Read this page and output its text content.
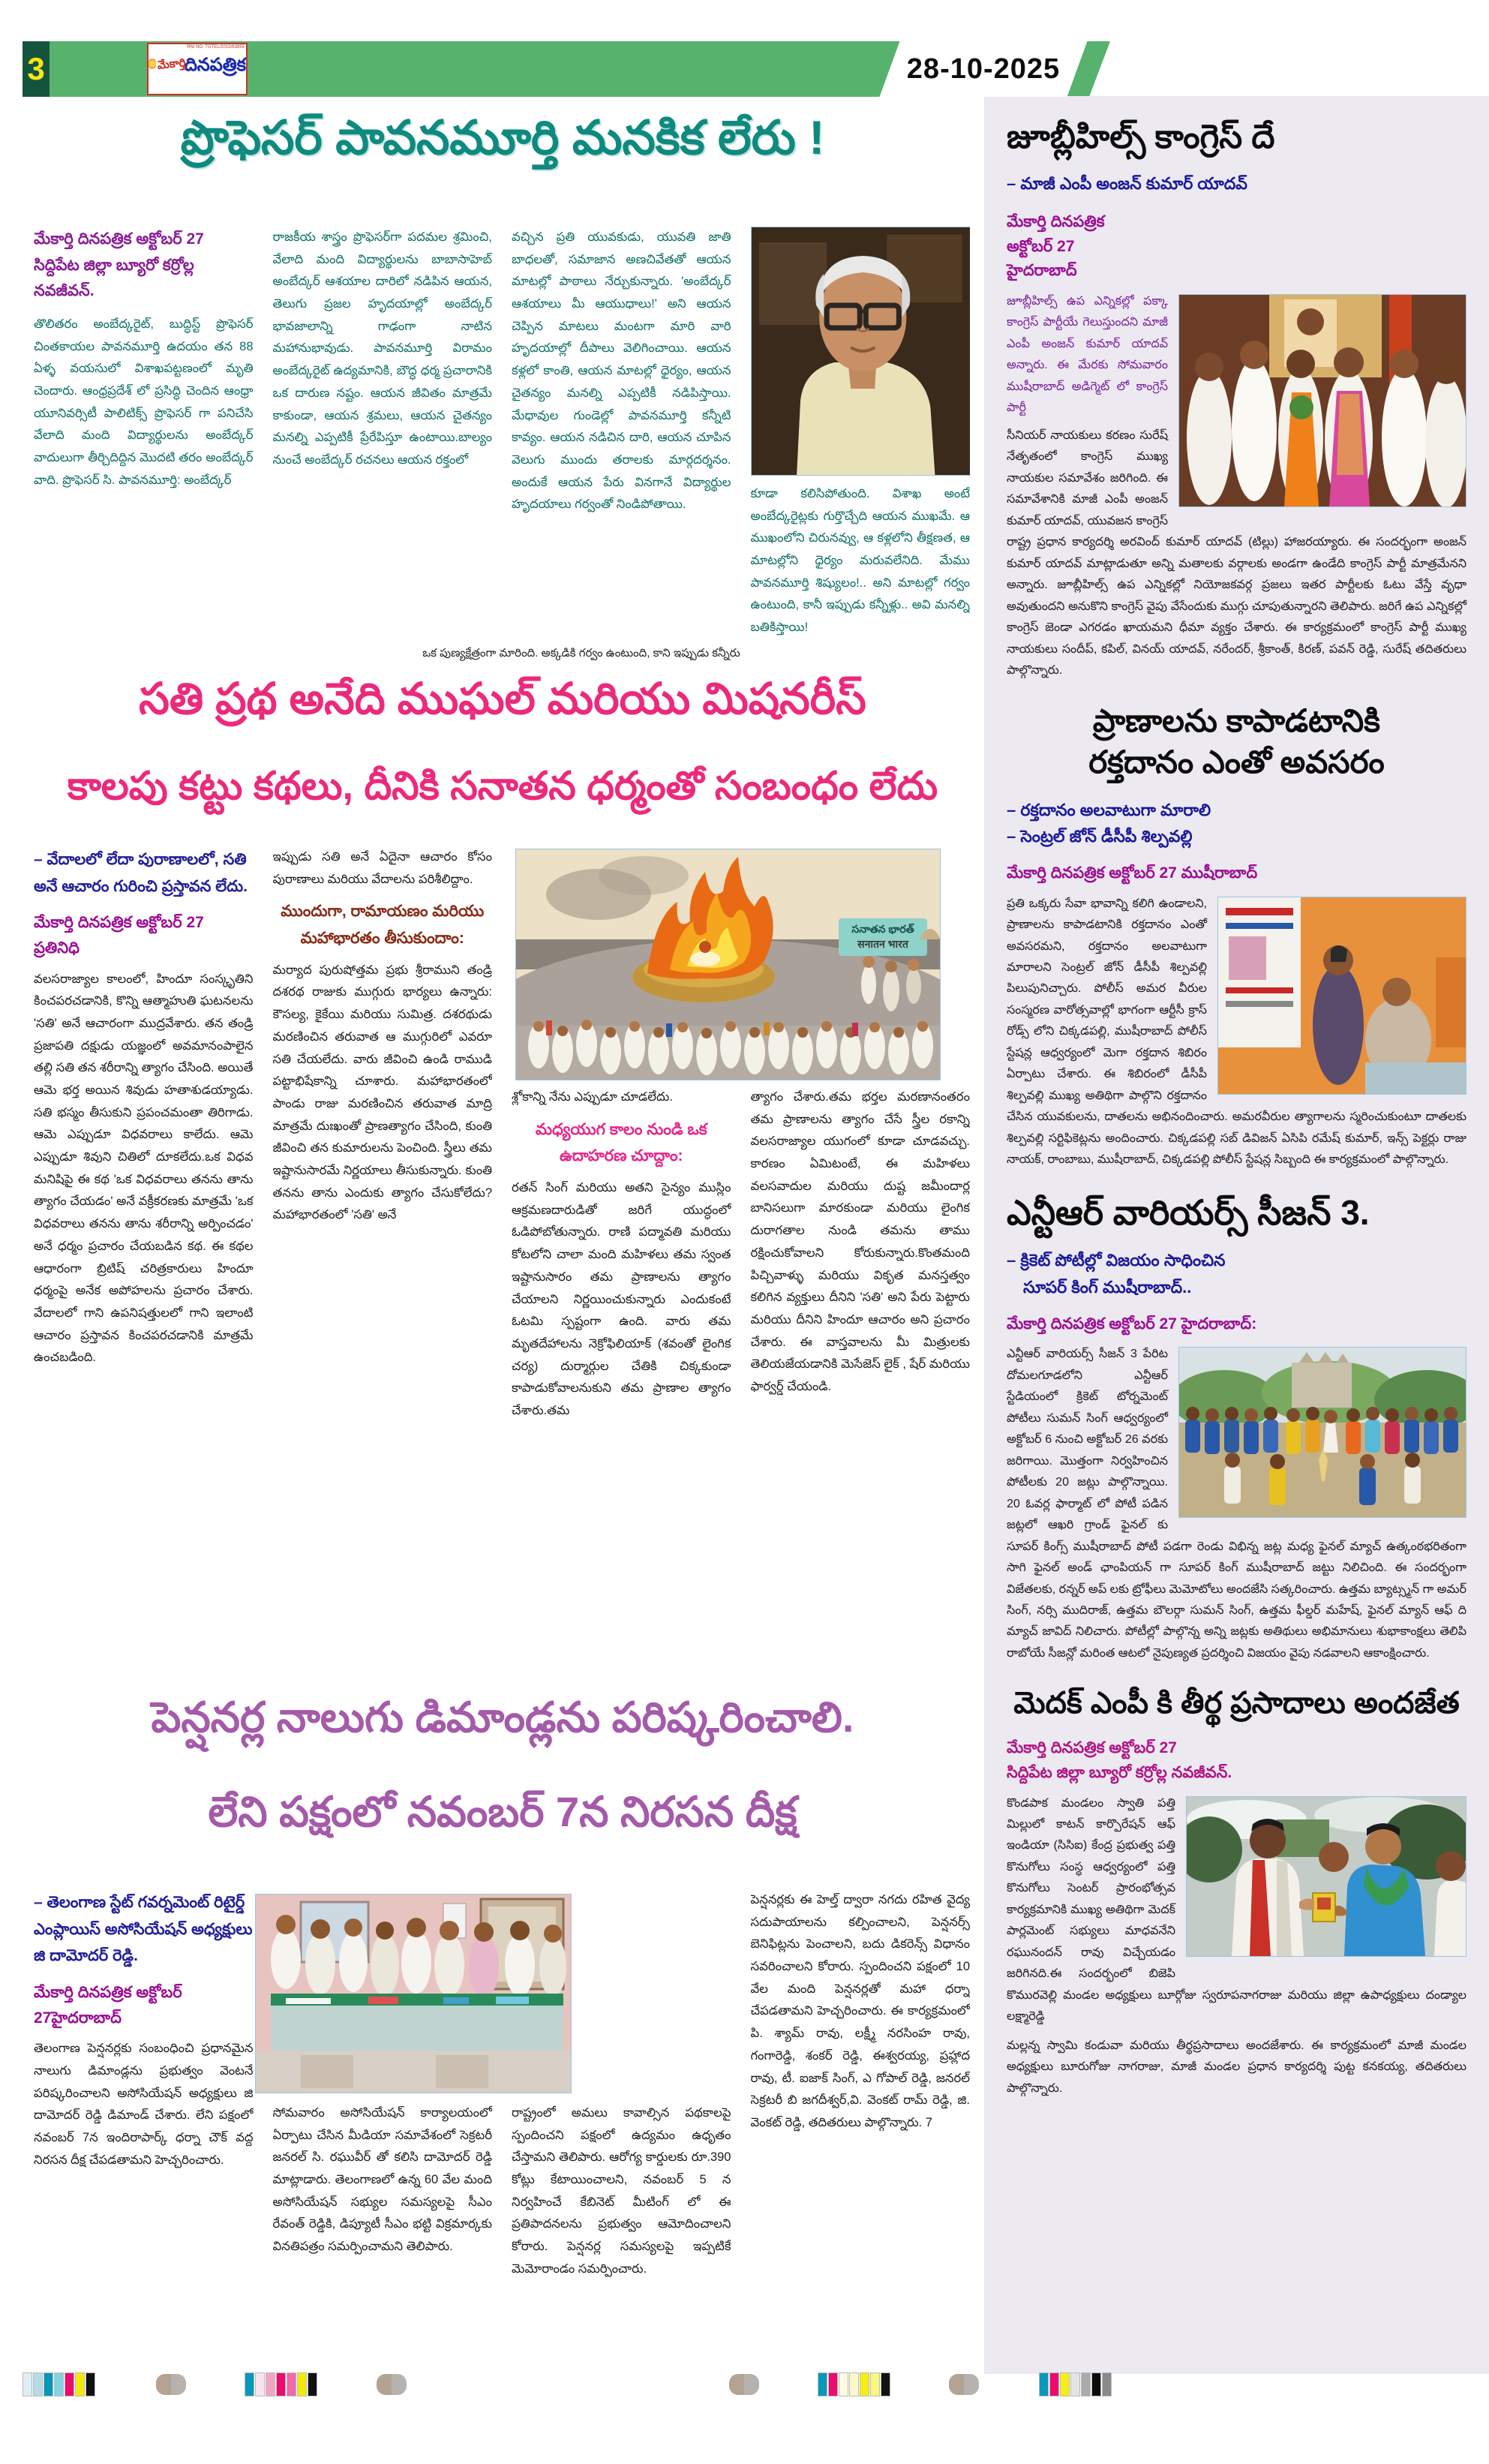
3
RNI NO: TGTEL/2015/63855
మేకార్తి
దినపత్రిక	28-10-2025
ప్రొఫెసర్ పావనమూర్తి మనకిక లేరు !
మేకార్తి దినపత్రిక అక్టోబర్ 27 సిద్దిపేట జిల్లా బ్యూరో కర్రోల్ల నవజీవన్.
తొలితరం అంబేద్కరైట్, బుద్ధిస్ట్ ప్రొఫెసర్ చింతకాయల పావనమూర్తి ఉదయం తన 88 ఏళ్ళ వయసులో విశాఖపట్టణంలో మృతి చెందారు. ఆంధ్రప్రదేశ్ లో ప్రసిద్ధి చెందిన ఆంధ్రా యూనివర్సిటీ పాలిటిక్స్ ప్రొఫెసర్ గా పనిచేసి వేలాది మంది విద్యార్థులను అంబేద్కర్ వాదులుగా తీర్చిదిద్దిన మొదటి తరం అంబేద్కర్ వాది. ప్రొఫెసర్ సి. పావనమూర్తి: అంబేద్కర్
రాజకీయ శాస్త్రం ప్రొఫెసర్‌గా పదమల శ్రమించి, వేలాది మంది విద్యార్థులను బాబాసాహెబ్ అంబేద్కర్ ఆశయాల దారిలో నడిపిన ఆయన, తెలుగు ప్రజల హృదయాల్లో అంబేద్కర్ భావజాలాన్ని గాఢంగా నాటిన మహానుభావుడు. పావనమూర్తి విరామం అంబేద్కరైట్ ఉద్యమానికి, బౌద్ధ ధర్మ ప్రచారానికి ఒక దారుణ నష్టం. ఆయన జీవితం మాత్రమే కాకుండా, ఆయన శ్రమలు, ఆయన చైతన్యం మనల్ని ఎప్పటికీ ప్రేరేపిస్తూ ఉంటాయి.బాల్యం నుంచే అంబేద్కర్ రచనలు ఆయన రక్తంలో
వచ్చిన ప్రతి యువకుడు, యువతి జాతి బాధలతో, సమాజాన అణచివేతతో ఆయన మాటల్లో పాఠాలు నేర్చుకున్నారు. 'అంబేద్కర్ ఆశయాలు మీ ఆయుధాలు!' అని ఆయన చెప్పిన మాటలు మంటగా మారి వారి హృదయాల్లో దీపాలు వెలిగించాయి. ఆయన కళ్లలో కాంతి, ఆయన మాటల్లో ధైర్యం, ఆయన చైతన్యం మనల్ని ఎప్పటికీ నడిపిస్తాయి. మేధావుల గుండెల్లో పావనమూర్తి కన్నీటి కావ్యం. ఆయన నడిచిన దారి, ఆయన చూపిన వెలుగు ముందు తరాలకు మార్గదర్శనం. అందుకే ఆయన పేరు వినగానే విద్యార్థుల హృదయాలు గర్వంతో నిండిపోతాయి.
కూడా కలిసిపోతుంది. విశాఖ అంటే అంబేద్కరైట్లకు గుర్తొచ్చేది ఆయన ముఖమే. ఆ ముఖంలోని చిరునవ్వు, ఆ కళ్లలోని తీక్షణత, ఆ మాటల్లోని ధైర్యం మరువలేనిది. మేము పావనమూర్తి శిష్యులం!.. అని మాటల్లో గర్వం ఉంటుంది, కానీ ఇప్పుడు కన్నీళ్లు.. అవి మనల్ని బతికిస్తాయి!
ఒక పుణ్యక్షేత్రంగా మారింది. అక్కడికి గర్వం ఉంటుంది, కాని ఇప్పుడు కన్నీరు
సతి ప్రథ అనేది ముఘల్ మరియు మిషనరీస్
కాలపు కట్టు కథలు, దీనికి సనాతన ధర్మంతో సంబంధం లేదు
సనాతన భారత్
सनातन भारत
– వేదాలలో లేదా పురాణాలలో, సతి అనే ఆచారం గురించి ప్రస్తావన లేదు.
మేకార్తి దినపత్రిక అక్టోబర్ 27 ప్రతినిధి
వలసరాజ్యాల కాలంలో, హిందూ సంస్కృతిని కించపరచడానికి, కొన్ని ఆత్మాహుతి ఘటనలను 'సతి' అనే ఆచారంగా ముద్రవేశారు. తన తండ్రి ప్రజాపతి దక్షుడు యజ్ఞంలో అవమానంపాలైన తల్లి సతి తన శరీరాన్ని త్యాగం చేసింది. అయితే ఆమె భర్త అయిన శివుడు హతాశుడయ్యాడు. సతి భస్మం తీసుకుని ప్రపంచమంతా తిరిగాడు. ఆమె ఎప్పుడూ విధవరాలు కాలేదు. ఆమె ఎప్పుడూ శివుని చితిలో దూకలేదు.ఒక విధవ మనిషిపై ఈ కథ 'ఒక విధవరాలు తనను తాను త్యాగం చేయడం' అనే వక్రీకరణకు మాత్రమే 'ఒక విధవరాలు తనను తాను శరీరాన్ని అర్పించడం' అనే ధర్మం ప్రచారం చేయబడిన కథ. ఈ కథల ఆధారంగా బ్రిటిష్ చరిత్రకారులు హిందూ ధర్మంపై అనేక అపోహలను ప్రచారం చేశారు. వేదాలలో గాని ఉపనిషత్తులలో గాని ఇలాంటి ఆచారం ప్రస్తావన కించపరచడానికి మాత్రమే ఉంచబడింది.
ఇప్పుడు సతి అనే ఏదైనా ఆచారం కోసం పురాణాలు మరియు వేదాలను పరిశీలిద్దాం.
ముందుగా, రామాయణం మరియు మహాభారతం తీసుకుందాం:
మర్యాద పురుషోత్తమ ప్రభు శ్రీరాముని తండ్రి దశరథ రాజుకు ముగ్గురు భార్యలు ఉన్నారు: కౌసల్య, కైకేయి మరియు సుమిత్ర. దశరథుడు మరణించిన తరువాత ఆ ముగ్గురిలో ఎవరూ సతి చేయలేదు. వారు జీవించి ఉండి రాముడి పట్టాభిషేకాన్ని చూశారు. మహాభారతంలో పాండు రాజు మరణించిన తరువాత మాద్రి మాత్రమే దుఃఖంతో ప్రాణత్యాగం చేసింది, కుంతి జీవించి తన కుమారులను పెంచింది. స్త్రీలు తమ ఇష్టానుసారమే నిర్ణయాలు తీసుకున్నారు. కుంతి తనను తాను ఎందుకు త్యాగం చేసుకోలేదు?మహాభారతంలో 'సతి' అనే
శ్లోకాన్ని నేను ఎప్పుడూ చూడలేదు.
మధ్యయుగ కాలం నుండి ఒక ఉదాహరణ చూద్దాం:
రతన్ సింగ్ మరియు అతని సైన్యం ముస్లిం ఆక్రమణదారుడితో జరిగే యుద్ధంలో ఓడిపోబోతున్నారు. రాణి పద్మావతి మరియు కోటలోని చాలా మంది మహిళలు తమ స్వంత ఇష్టానుసారం తమ ప్రాణాలను త్యాగం చేయాలని నిర్ణయించుకున్నారు ఎందుకంటే ఓటమి స్పష్టంగా ఉంది. వారు తమ మృతదేహాలను నెక్రోఫిలియాక్ (శవంతో లైంగిక చర్య) దుర్మార్గుల చేతికి చిక్కకుండా కాపాడుకోవాలనుకుని తమ ప్రాణాల త్యాగం చేశారు.తమ
త్యాగం చేశారు.తమ భర్తల మరణానంతరం తమ ప్రాణాలను త్యాగం చేసే స్త్రీల రకాన్ని వలసరాజ్యాల యుగంలో కూడా చూడవచ్చు. కారణం ఏమిటంటే, ఈ మహిళలు వలసవాదుల మరియు దుష్ట జమీందార్ల బానిసలుగా మారకుండా మరియు లైంగిక దురాగతాల నుండి తమను తాము రక్షించుకోవాలని కోరుకున్నారు.కొంతమంది పిచ్చివాళ్ళు మరియు వికృత మనస్తత్వం కలిగిన వ్యక్తులు దీనిని 'సతి' అని పేరు పెట్టారు మరియు దీనిని హిందూ ఆచారం అని ప్రచారం చేశారు. ఈ వాస్తవాలను మీ మిత్రులకు తెలియజేయడానికి మెసేజెస్ లైక్ , షేర్ మరియు ఫార్వర్డ్ చేయండి.
పెన్షనర్ల నాలుగు డిమాండ్లను పరిష్కరించాలి.
లేని పక్షంలో నవంబర్ 7న నిరసన దీక్ష
– తెలంగాణ స్టేట్ గవర్నమెంట్ రిటైర్డ్ ఎంప్లాయిస్ అసోసియేషన్ అధ్యక్షులు జి దామోదర్ రెడ్డి.
మేకార్తి దినపత్రిక అక్టోబర్ 27హైదరాబాద్
తెలంగాణ పెన్షనర్లకు సంబంధించి ప్రధానమైన నాలుగు డిమాండ్లను ప్రభుత్వం వెంటనే పరిష్కరించాలని అసోసియేషన్ అధ్యక్షులు జి దామోదర్ రెడ్డి డిమాండ్ చేశారు. లేని పక్షంలో నవంబర్ 7న ఇందిరాపార్క్ ధర్నా చౌక్ వద్ద నిరసన దీక్ష చేపడతామని హెచ్చరించారు.
సోమవారం అసోసియేషన్ కార్యాలయంలో ఏర్పాటు చేసిన మీడియా సమావేశంలో సెక్రటరీ జనరల్ సి. రఘువీర్ తో కలిసి దామోదర్ రెడ్డి మాట్లాడారు. తెలంగాణలో ఉన్న 60 వేల మంది అసోసియేషన్ సభ్యుల సమస్యలపై సీఎం రేవంత్ రెడ్డికి, డిప్యూటీ సీఎం భట్టి విక్రమార్కకు వినతిపత్రం సమర్పించామని తెలిపారు.
రాష్ట్రంలో అమలు కావాల్సిన పథకాలపై స్పందించని పక్షంలో ఉద్యమం ఉధృతం చేస్తామని తెలిపారు. ఆరోగ్య కార్డులకు రూ.390 కోట్లు కేటాయించాలని, నవంబర్ 5 న నిర్వహించే కేబినెట్ మీటింగ్ లో ఈ ప్రతిపాదనలను ప్రభుత్వం ఆమోదించాలని కోరారు. పెన్షనర్ల సమస్యలపై ఇప్పటికే మెమోరాండం సమర్పించారు.
పెన్షనర్లకు ఈ హెల్త్ ద్వారా నగదు రహిత వైద్య సదుపాయాలను కల్పించాలని, పెన్షనర్స్ బెనిఫిట్లను పెంచాలని, బదు డికరెన్స్ విధానం సవరించాలని కోరారు. స్పందించని పక్షంలో 10 వేల మంది పెన్షనర్లతో మహా ధర్నా చేపడతామని హెచ్చరించారు. ఈ కార్యక్రమంలో పి. శ్యామ్ రావు, లక్ష్మీ నరసింహ రావు, గంగారెడ్డి, శంకర్ రెడ్డి, ఈశ్వరయ్య, ప్రహ్లాద రావు, టీ. ఐజాక్ సింగ్, ఎ గోపాల్ రెడ్డి, జనరల్ సెక్రటరీ బి జగదీశ్వర్,వి. వెంకట్ రామ్ రెడ్డి, జి. వెంకట్ రెడ్డి, తదితరులు పాల్గొన్నారు. 7
జూబ్లీహిల్స్ కాంగ్రెస్ దే
– మాజీ ఎంపీ అంజన్ కుమార్ యాదవ్
మేకార్తి దినపత్రిక
అక్టోబర్ 27
హైదరాబాద్
జూబ్లీహిల్స్ ఉప ఎన్నికల్లో పక్కా కాంగ్రెస్ పార్టీయే గెలుస్తుందని మాజీ ఎంపీ అంజన్ కుమార్ యాదవ్ అన్నారు. ఈ మేరకు సోమవారం ముషీరాబాద్ అడిగ్మెట్ లో కాంగ్రెస్ పార్టీ
సీనియర్ నాయకులు కరణం సురేష్ నేతృతంలో కాంగ్రెస్ ముఖ్య నాయకుల సమావేశం జరిగింది. ఈ సమావేశానికి మాజీ ఎంపీ అంజన్ కుమార్ యాదవ్, యువజన కాంగ్రెస్ రాష్ట్ర ప్రధాన కార్యదర్శి అరవింద్ కుమార్ యాదవ్ (టిల్లు) హాజరయ్యారు. ఈ సందర్భంగా అంజన్ కుమార్ యాదవ్ మాట్లాడుతూ అన్ని మతాలకు వర్గాలకు అండగా ఉండేది కాంగ్రెస్ పార్టీ మాత్రమేనని అన్నారు. జూబ్లీహిల్స్ ఉప ఎన్నికల్లో నియోజకవర్గ ప్రజలు ఇతర పార్టీలకు ఓటు వేస్తే వృధా అవుతుందని అనుకొని కాంగ్రెస్ వైపు వేసేందుకు ముగ్గు చూపుతున్నారని తెలిపారు. జరిగే ఉప ఎన్నికల్లో కాంగ్రెస్ జెండా ఎగరడం ఖాయమని ధీమా వ్యక్తం చేశారు. ఈ కార్యక్రమంలో కాంగ్రెస్ పార్టీ ముఖ్య నాయకులు సందీప్, కపిల్, వినయ్ యాదవ్, నరేందర్, శ్రీకాంత్, కిరణ్, పవన్ రెడ్డి, సురేష్ తదితరులు పాల్గొన్నారు.
ప్రాణాలను కాపాడటానికి
రక్తదానం ఎంతో అవసరం
– రక్తదానం అలవాటుగా మారాలి
– సెంట్రల్ జోన్ డీసీపీ శిల్పవల్లి
మేకార్తి దినపత్రిక అక్టోబర్ 27 ముషీరాబాద్
ప్రతి ఒక్కరు సేవా భావాన్ని కలిగి ఉండాలని, ప్రాణాలను కాపాడటానికి రక్తదానం ఎంతో అవసరమని, రక్తదానం అలవాటుగా మారాలని సెంట్రల్ జోన్ డీసీపీ శిల్పవల్లి పిలుపునిచ్చారు. పోలీస్ అమర వీరుల సంస్మరణ వారోత్సవాల్లో భాగంగా ఆర్టీసీ క్రాస్ రోడ్స్ లోని చిక్కడపల్లి, ముషీరాబాద్ పోలీస్ స్టేషన్ల ఆధ్వర్యంలో మెగా రక్తదాన శిబిరం ఏర్పాటు చేశారు. ఈ శిబిరంలో డీసీపీ శిల్పవల్లి ముఖ్య అతిథిగా పాల్గొని రక్తదానం చేసిన యువకులను, దాతలను అభినందించారు. అమరవీరుల త్యాగాలను స్మరించుకుంటూ దాతలకు శిల్పవల్లి సర్టిఫికెట్లను అందించారు. చిక్కడపల్లి సబ్ డివిజన్ ఏసిపి రమేష్ కుమార్, ఇన్స్ పెక్టర్లు రాజు నాయక్, రాంబాబు, ముషీరాబాద్, చిక్కడపల్లి పోలీస్ స్టేషన్ల సిబ్బంది ఈ కార్యక్రమంలో పాల్గొన్నారు.
ఎన్టీఆర్ వారియర్స్ సీజన్ 3.
– క్రికెట్ పోటీల్లో విజయం సాధించిన
సూపర్ కింగ్ ముషీరాబాద్..
మేకార్తి దినపత్రిక అక్టోబర్ 27 హైదరాబాద్:
ఎన్టీఆర్ వారియర్స్ సీజన్ 3 పేరిట దోమలగూడలోని ఎన్టీఆర్ స్టేడియంలో క్రికెట్ టోర్నమెంట్ పోటీలు సుమన్ సింగ్ ఆధ్వర్యంలో అక్టోబర్ 6 నుంచి అక్టోబర్ 26 వరకు జరిగాయి. మొత్తంగా నిర్వహించిన పోటీలకు 20 జట్లు పాల్గొన్నాయి. 20 ఓవర్ల ఫార్మాట్ లో పోటీ పడిన జట్లలో ఆఖరి గ్రాండ్ ఫైనల్ కు సూపర్ కింగ్స్ ముషీరాబాద్ పోటీ పడగా రెండు విభిన్న జట్ల మధ్య ఫైనల్ మ్యాచ్ ఉత్కంఠభరితంగా సాగి ఫైనల్ అండ్ ఛాంపియన్ గా సూపర్ కింగ్ ముషీరాబాద్ జట్టు నిలిచింది. ఈ సందర్భంగా విజేతలకు, రన్నర్ అప్ లకు ట్రోఫీలు మెమోటోలు అందజేసి సత్కరించారు. ఉత్తమ బ్యాట్స్మన్ గా అమర్ సింగ్, నర్సి ముదిరాజ్, ఉత్తమ బౌలర్గా సుమన్ సింగ్, ఉత్తమ ఫీల్డర్ మహేష్, ఫైనల్ మ్యాన్ ఆఫ్ ది మ్యాచ్ జావిద్ నిలిచారు. పోటీల్లో పాల్గొన్న అన్ని జట్లకు అతిథులు అభిమానులు శుభాకాంక్షలు తెలిపి రాబోయే సీజన్లో మరింత ఆటలో నైపుణ్యత ప్రదర్శించి విజయం వైపు నడవాలని ఆకాంక్షించారు.
మెదక్ ఎంపీ కి తీర్థ ప్రసాదాలు అందజేత
మేకార్తి దినపత్రిక అక్టోబర్ 27
సిద్దిపేట జిల్లా బ్యూరో కర్రోల్ల నవజీవన్.
కొండపాక మండలం స్వాతి పత్తి మిల్లులో కాటన్ కార్పొరేషన్ ఆఫ్ ఇండియా (సిసిఐ) కేంద్ర ప్రభుత్వ పత్తి కొనుగోలు సంస్థ ఆధ్వర్యంలో పత్తి కొనుగోలు సెంటర్ ప్రారంభోత్సవ కార్యక్రమానికి ముఖ్య అతిథిగా మెదక్ పార్లమెంట్ సభ్యులు మాధవనేని రఘునందన్ రావు విచ్చేయడం జరిగినది.ఈ సందర్భంలో బిజెపి కొమురవెల్లి మండల అధ్యక్షులు బూర్గోజు స్వరూపనాగరాజు మరియు జిల్లా ఉపాధ్యక్షులు దండ్యాల లక్ష్మారెడ్డి
మల్లన్న స్వామి కండువా మరియు తీర్థప్రసాదాలు అందజేశారు. ఈ కార్యక్రమంలో మాజీ మండల అధ్యక్షులు బూరుగోజు నాగరాజు, మాజీ మండల ప్రధాన కార్యదర్శి పుట్ట కనకయ్య, తదితరులు పాల్గొన్నారు.
